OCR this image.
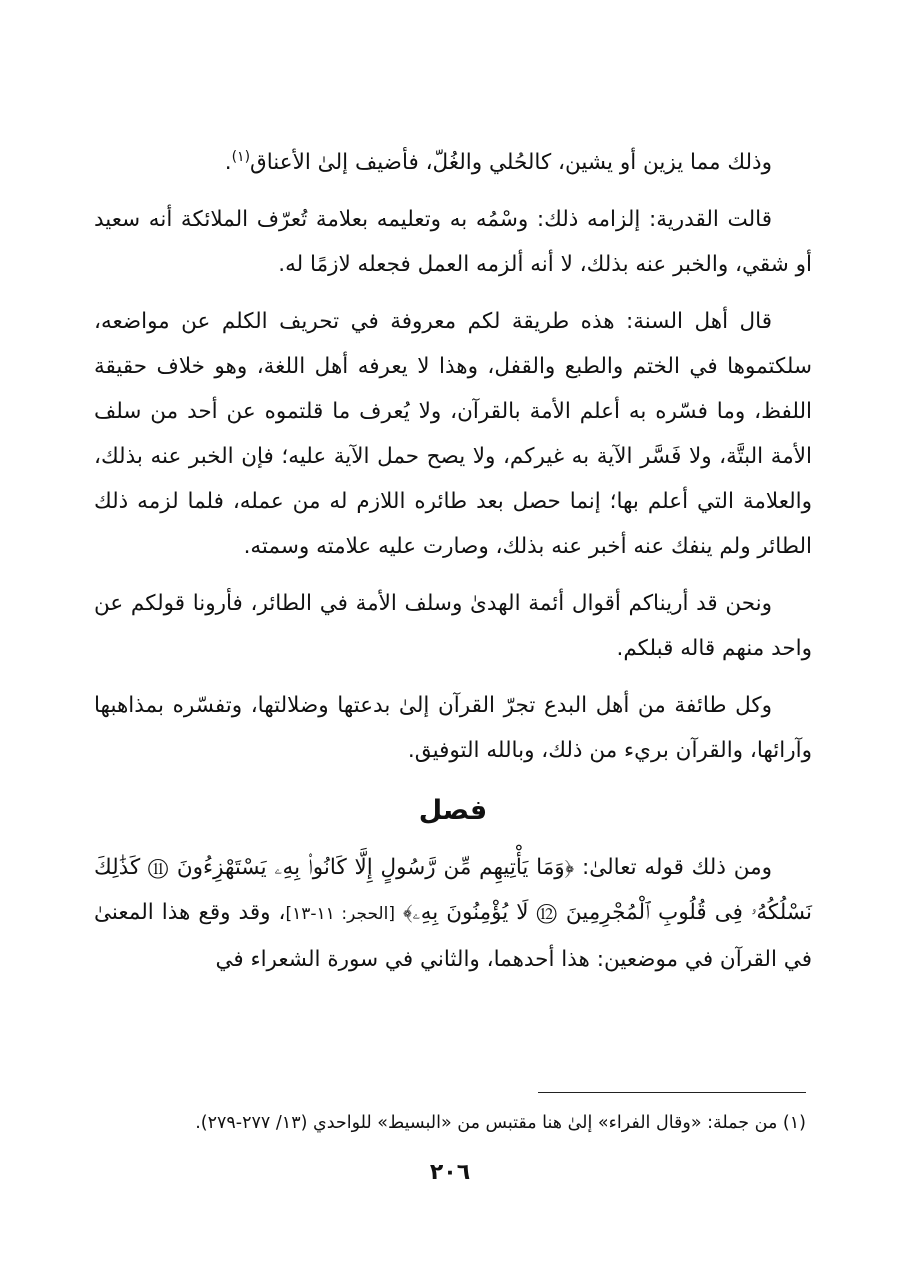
وذلك مما يزين أو يشين، كالحُلي والغُلّ، فأضيف إلىٰ الأعناق$^{(١)}$.

قالت القدرية: إلزامه ذلك: وسْمُه به وتعليمه بعلامة تُعرّف الملائكة أنه سعيد أو شقي، والخبر عنه بذلك، لا أنه ألزمه العمل فجعله لازمًا له.

قال أهل السنة: هذه طريقة لكم معروفة في تحريف الكلم عن مواضعه، سلكتموها في الختم والطبع والقفل، وهذا لا يعرفه أهل اللغة، وهو خلاف حقيقة اللفظ، وما فسّره به أعلم الأمة بالقرآن، ولا يُعرف ما قلتموه عن أحد من سلف الأمة البتَّة، ولا فَسَّر الآية به غيركم، ولا يصح حمل الآية عليه؛ فإن الخبر عنه بذلك، والعلامة التي أعلم بها؛ إنما حصل بعد طائره اللازم له من عمله، فلما لزمه ذلك الطائر ولم ينفك عنه أخبر عنه بذلك، وصارت عليه علامته وسمته.

ونحن قد أريناكم أقوال أئمة الهدىٰ وسلف الأمة في الطائر، فأرونا قولكم عن واحد منهم قاله قبلكم.

وكل طائفة من أهل البدع تجرّ القرآن إلىٰ بدعتها وضلالتها، وتفسّره بمذاهبها وآرائها، والقرآن بريء من ذلك، وبالله التوفيق.

فصل

ومن ذلك قوله تعالىٰ: ﴿وَمَا يَأْتِيهِم مِّن رَّسُولٍ إِلَّا كَانُوا۟ بِهِۦ يَسْتَهْزِءُونَ ⑪ كَذَٰلِكَ نَسْلُكُهُۥ فِى قُلُوبِ ٱلْمُجْرِمِينَ ⑫ لَا يُؤْمِنُونَ بِهِۦ﴾ [الحجر: ١١-١٣]، وقد وقع هذا المعنىٰ في القرآن في موضعين: هذا أحدهما، والثاني في سورة الشعراء في

(١) من جملة: «وقال الفراء» إلىٰ هنا مقتبس من «البسيط» للواحدي (١٣/ ٢٧٧-٢٧٩).
٢٠٦
